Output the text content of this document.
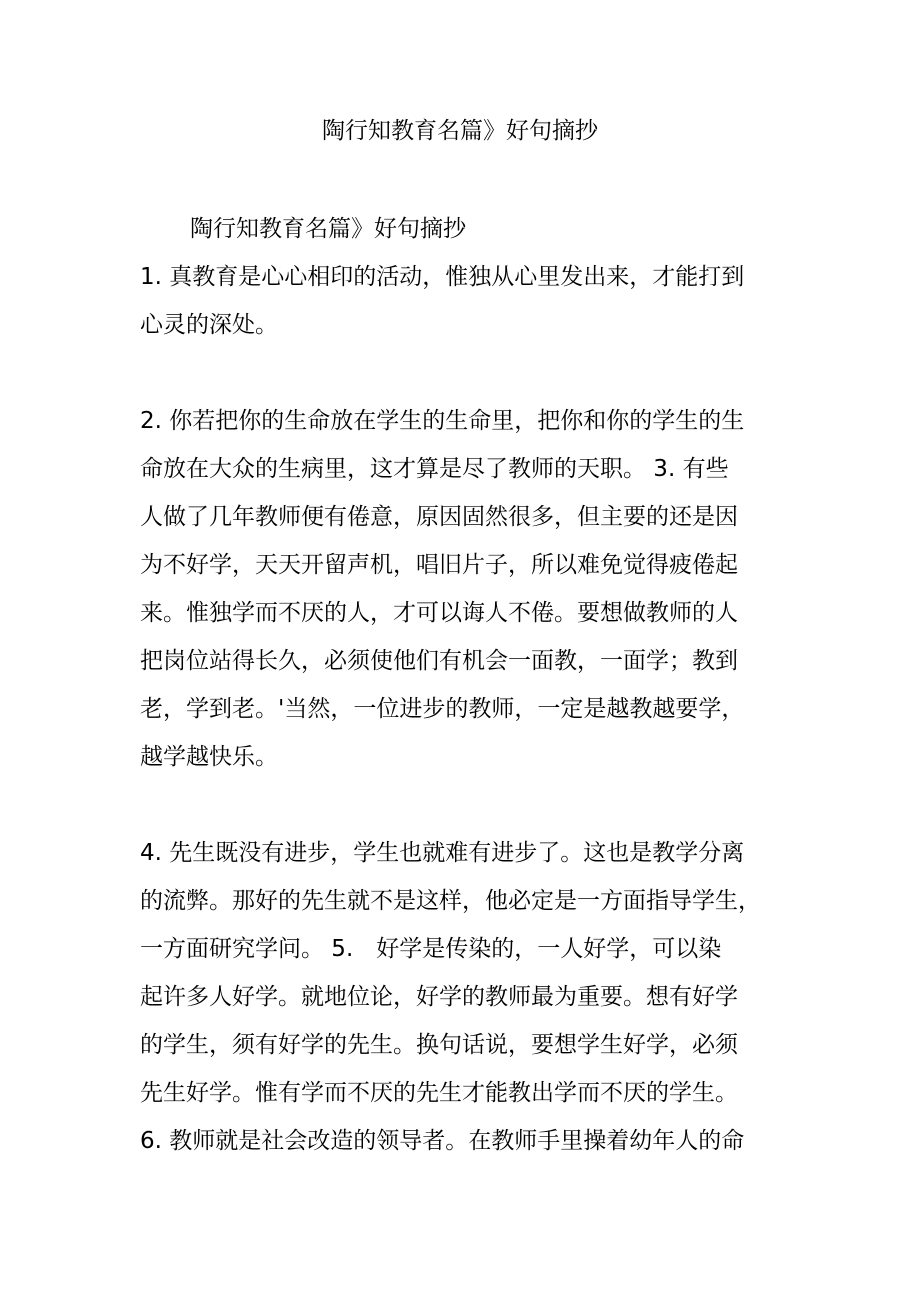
陶行知教育名篇》好句摘抄
陶行知教育名篇》好句摘抄
1. 真教育是心心相印的活动，惟独从心里发出来，才能打到
心灵的深处。
2. 你若把你的生命放在学生的生命里，把你和你的学生的生
命放在大众的生病里，这才算是尽了教师的天职。 3. 有些
人做了几年教师便有倦意，原因固然很多，但主要的还是因
为不好学，天天开留声机，唱旧片子，所以难免觉得疲倦起
来。惟独学而不厌的人，才可以诲人不倦。要想做教师的人
把岗位站得长久，必须使他们有机会一面教，一面学；教到
老，学到老。'当然，一位进步的教师，一定是越教越要学，
越学越快乐。
4. 先生既没有进步，学生也就难有进步了。这也是教学分离
的流弊。那好的先生就不是这样，他必定是一方面指导学生，
一方面研究学问。 5.　好学是传染的，一人好学，可以染
起许多人好学。就地位论，好学的教师最为重要。想有好学
的学生，须有好学的先生。换句话说，要想学生好学，必须
先生好学。惟有学而不厌的先生才能教出学而不厌的学生。
6. 教师就是社会改造的领导者。在教师手里操着幼年人的命
